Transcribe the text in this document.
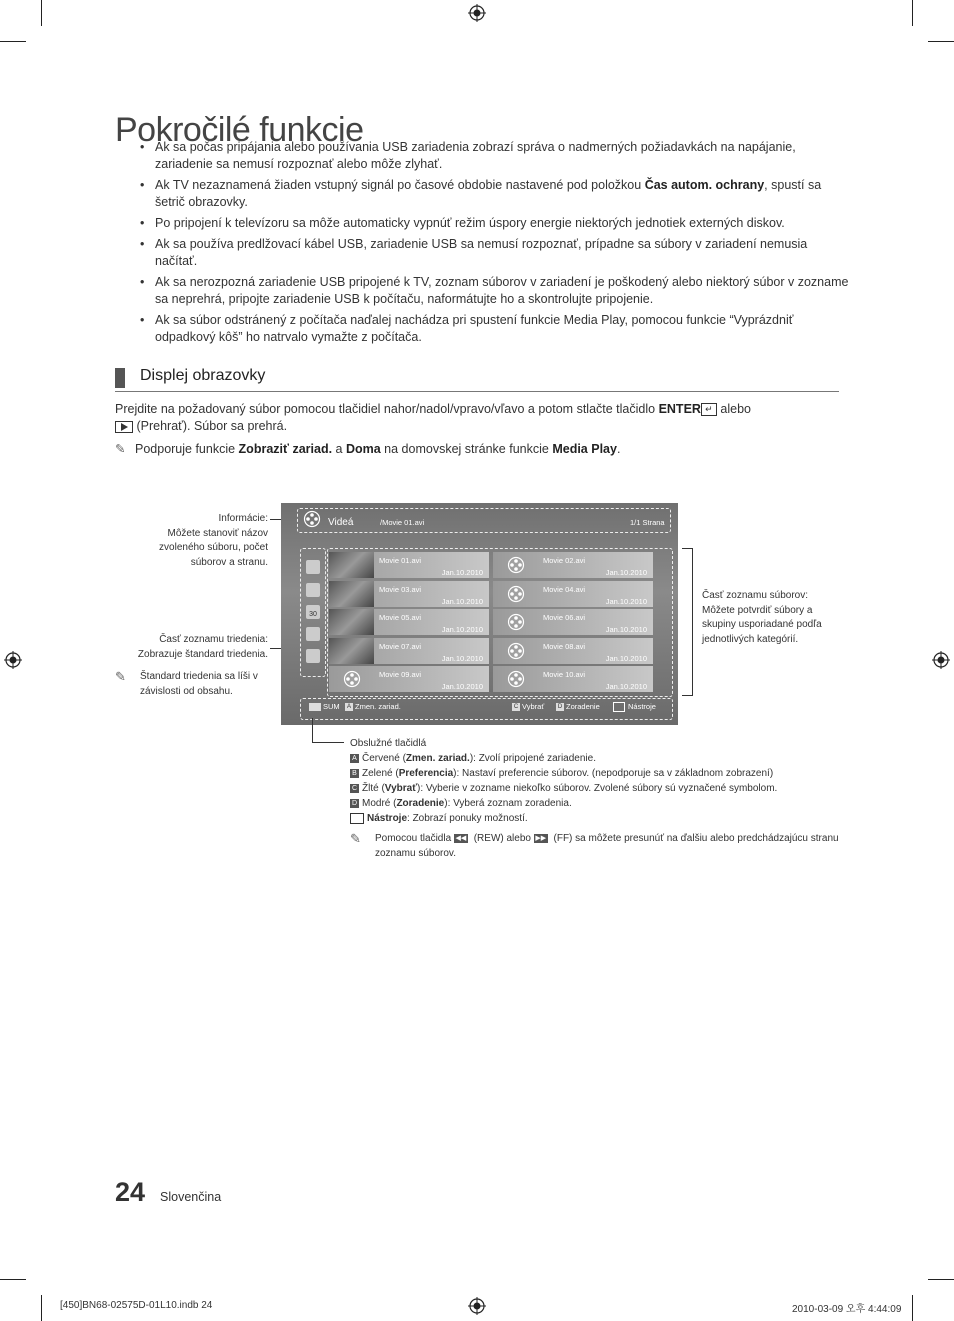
Pokročilé funkcie
• Ak sa počas pripájania alebo používania USB zariadenia zobrazí správa o nadmerných požiadavkách na napájanie, zariadenie sa nemusí rozpoznať alebo môže zlyhať.
• Ak TV nezaznamená žiaden vstupný signál po časové obdobie nastavené pod položkou Čas autom. ochrany, spustí sa šetrič obrazovky.
• Po pripojení k televízoru sa môže automaticky vypnúť režim úspory energie niektorých jednotiek externých diskov.
• Ak sa používa predlžovací kábel USB, zariadenie USB sa nemusí rozpoznať, prípadne sa súbory v zariadení nemusia načítať.
• Ak sa nerozpozná zariadenie USB pripojené k TV, zoznam súborov v zariadení je poškodený alebo niektorý súbor v zozname sa neprehrá, pripojte zariadenie USB k počítaču, naformátujte ho a skontrolujte pripojenie.
• Ak sa súbor odstránený z počítača naďalej nachádza pri spustení funkcie Media Play, pomocou funkcie “Vyprázdniť odpadkový kôš” ho natrvalo vymažte z počítača.
Displej obrazovky
Prejdite na požadovaný súbor pomocou tlačidiel nahor/nadol/vpravo/vľavo a potom stlačte tlačidlo ENTER ↵ alebo
(Prehrať). Súbor sa prehrá.
✎ Podporuje funkcie Zobraziť zariad. a Doma na domovskej stránke funkcie Media Play.
Informácie:
Môžete stanoviť názov
zvoleného súboru, počet
súborov a stranu.
Časť zoznamu triedenia:
Zobrazuje štandard triedenia.
✎ Štandard triedenia sa líši v
závislosti od obsahu.
Časť zoznamu súborov:
Môžete potvrdiť súbory a
skupiny usporiadané podľa
jednotlivých kategórií.
Videá	/Movie 01.avi	1/1 Strana
30
Movie 01.avi
Jan.10.2010
Movie 02.avi
Jan.10.2010
Movie 03.avi
Jan.10.2010
Movie 04.avi
Jan.10.2010
Movie 05.avi
Jan.10.2010
Movie 06.avi
Jan.10.2010
Movie 07.avi
Jan.10.2010
Movie 08.avi
Jan.10.2010
Movie 09.avi
Jan.10.2010
Movie 10.avi
Jan.10.2010
SUM	A Zmen. zariad.	C Vybrať	D Zoradenie	Nástroje
Obslužné tlačidlá
A Červené (Zmen. zariad.): Zvolí pripojené zariadenie.
B Zelené (Preferencia): Nastaví preferencie súborov. (nepodporuje sa v základnom zobrazení)
C Žlté (Vybrať): Vyberie v zozname niekoľko súborov. Zvolené súbory sú vyznačené symbolom.
D Modré (Zoradenie): Vyberá zoznam zoradenia.
Nástroje: Zobrazí ponuky možností.
✎	Pomocou tlačidla ◀◀ (REW) alebo ▶▶ (FF) sa môžete presunúť na ďalšiu alebo predchádzajúcu stranu zoznamu súborov.
24 Slovenčina
[450]BN68-02575D-01L10.indb 24	2010-03-09 오후 4:44:09
